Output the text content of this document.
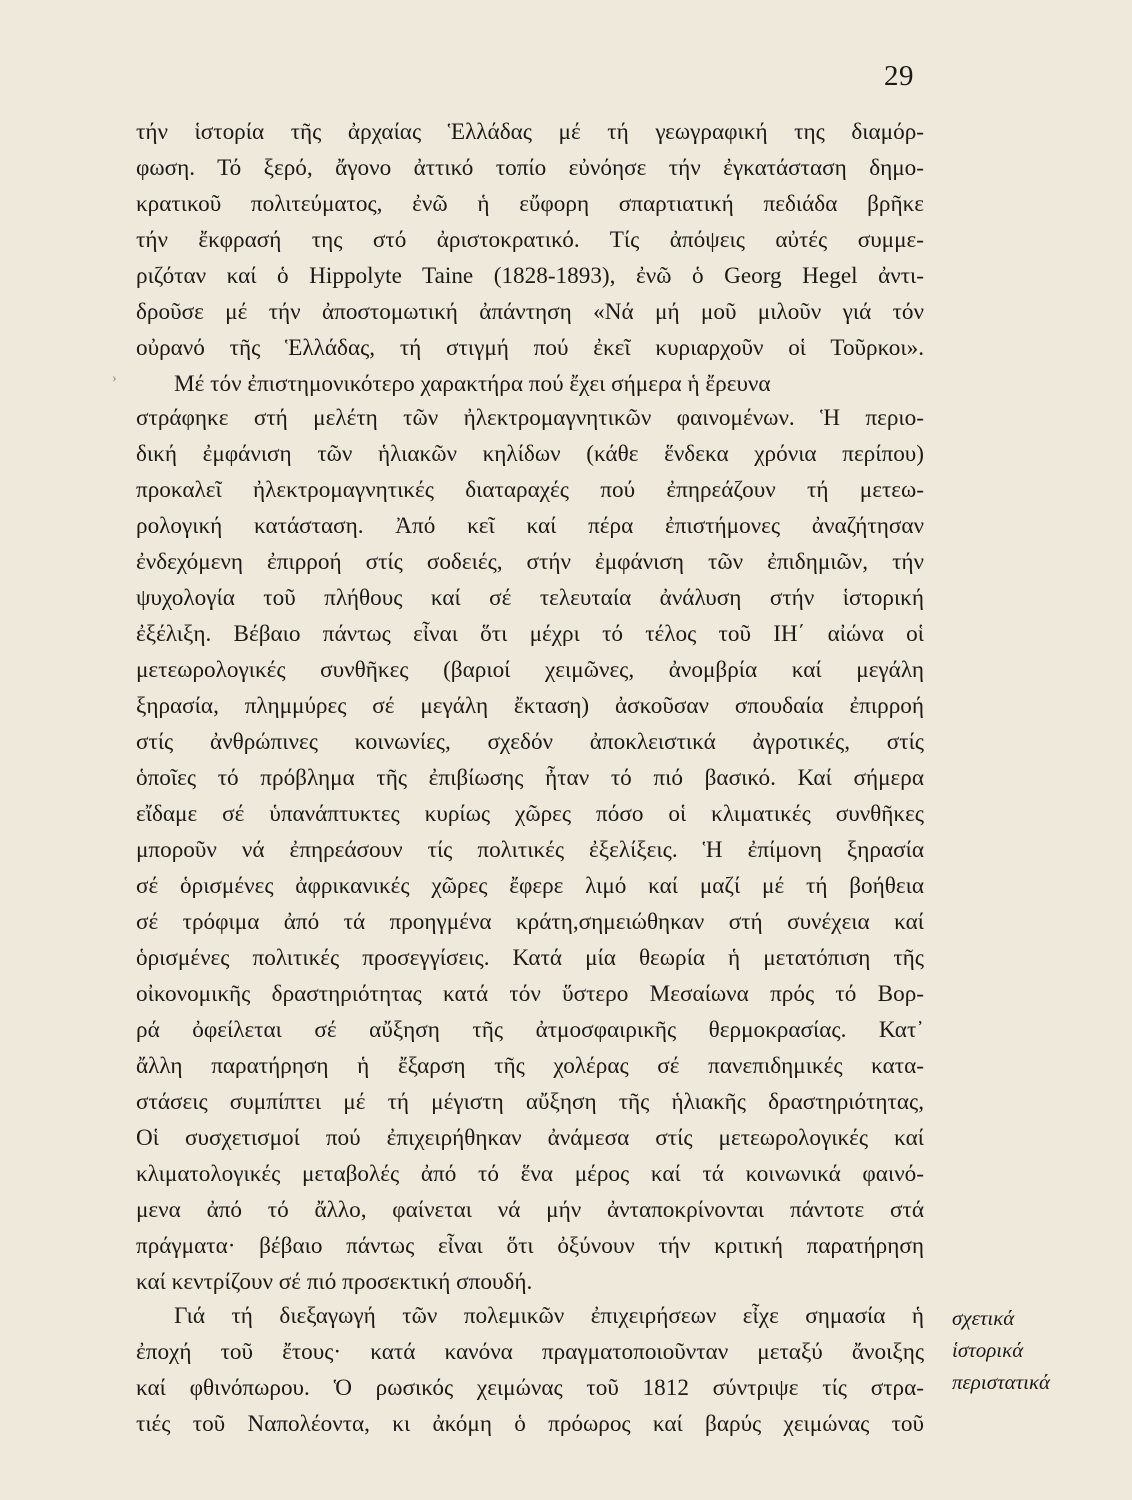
29
›
τήν ἱστορία τῆς ἀρχαίας Ἑλλάδας μέ τή γεωγραφική της διαμόρ-
φωση. Τό ξερό, ἄγονο ἀττικό τοπίο εὐνόησε τήν ἐγκατάσταση δημο-
κρατικοῦ πολιτεύματος, ἐνῶ ἡ εὔφορη σπαρτιατική πεδιάδα βρῆκε
τήν ἔκφρασή της στό ἀριστοκρατικό. Τίς ἀπόψεις αὐτές συμμε-
ριζόταν καί ὁ Hippolyte Taine (1828-1893), ἐνῶ ὁ Georg Hegel ἀντι-
δροῦσε μέ τήν ἀποστομωτική ἀπάντηση «Νά μή μοῦ μιλοῦν γιά τόν
οὐρανό τῆς Ἑλλάδας, τή στιγμή πού ἐκεῖ κυριαρχοῦν οἱ Τοῦρκοι».
Μέ τόν ἐπιστημονικότερο χαρακτήρα πού ἔχει σήμερα ἡ ἔρευνα
στράφηκε στή μελέτη τῶν ἠλεκτρομαγνητικῶν φαινομένων. Ἡ περιο-
δική ἐμφάνιση τῶν ἡλιακῶν κηλίδων (κάθε ἕνδεκα χρόνια περίπου)
προκαλεῖ ἠλεκτρομαγνητικές διαταραχές πού ἐπηρεάζουν τή μετεω-
ρολογική κατάσταση. Ἀπό κεῖ καί πέρα ἐπιστήμονες ἀναζήτησαν
ἐνδεχόμενη ἐπιρροή στίς σοδειές, στήν ἐμφάνιση τῶν ἐπιδημιῶν, τήν
ψυχολογία τοῦ πλήθους καί σέ τελευταία ἀνάλυση στήν ἱστορική
ἐξέλιξη. Βέβαιο πάντως εἶναι ὅτι μέχρι τό τέλος τοῦ ΙΗ΄ αἰώνα οἱ
μετεωρολογικές συνθῆκες (βαριοί χειμῶνες, ἀνομβρία καί μεγάλη
ξηρασία, πλημμύρες σέ μεγάλη ἔκταση) ἀσκοῦσαν σπουδαία ἐπιρροή
στίς ἀνθρώπινες κοινωνίες, σχεδόν ἀποκλειστικά ἀγροτικές, στίς
ὁποῖες τό πρόβλημα τῆς ἐπιβίωσης ἦταν τό πιό βασικό. Καί σήμερα
εἴδαμε σέ ὑπανάπτυκτες κυρίως χῶρες πόσο οἱ κλιματικές συνθῆκες
μποροῦν νά ἐπηρεάσουν τίς πολιτικές ἐξελίξεις. Ἡ ἐπίμονη ξηρασία
σέ ὁρισμένες ἀφρικανικές χῶρες ἔφερε λιμό καί μαζί μέ τή βοήθεια
σέ τρόφιμα ἀπό τά προηγμένα κράτη,σημειώθηκαν στή συνέχεια καί
ὁρισμένες πολιτικές προσεγγίσεις. Κατά μία θεωρία ἡ μετατόπιση τῆς
οἰκονομικῆς δραστηριότητας κατά τόν ὕστερο Μεσαίωνα πρός τό Βορ-
ρά ὀφείλεται σέ αὔξηση τῆς ἀτμοσφαιρικῆς θερμοκρασίας. Κατ᾽
ἄλλη παρατήρηση ἡ ἔξαρση τῆς χολέρας σέ πανεπιδημικές κατα-
στάσεις συμπίπτει μέ τή μέγιστη αὔξηση τῆς ἡλιακῆς δραστηριότητας,
Οἱ συσχετισμοί πού ἐπιχειρήθηκαν ἀνάμεσα στίς μετεωρολογικές καί
κλιματολογικές μεταβολές ἀπό τό ἕνα μέρος καί τά κοινωνικά φαινό-
μενα ἀπό τό ἄλλο, φαίνεται νά μήν ἀνταποκρίνονται πάντοτε στά
πράγματα· βέβαιο πάντως εἶναι ὅτι ὀξύνουν τήν κριτική παρατήρηση
καί κεντρίζουν σέ πιό προσεκτική σπουδή.
Γιά τή διεξαγωγή τῶν πολεμικῶν ἐπιχειρήσεων εἶχε σημασία ἡ
ἐποχή τοῦ ἔτους· κατά κανόνα πραγματοποιοῦνταν μεταξύ ἄνοιξης
καί φθινόπωρου. Ὁ ρωσικός χειμώνας τοῦ 1812 σύντριψε τίς στρα-
τιές τοῦ Ναπολέοντα, κι ἀκόμη ὁ πρόωρος καί βαρύς χειμώνας τοῦ
σχετικά
ἱστορικά
περιστατικά
